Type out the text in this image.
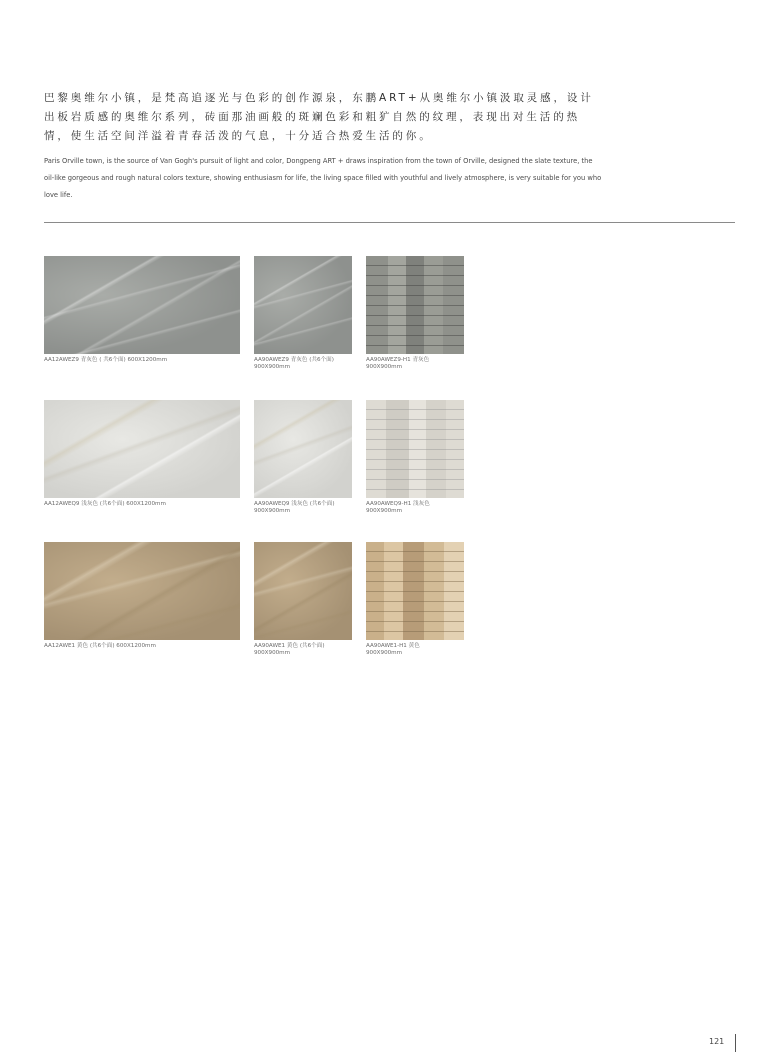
巴黎奥维尔小镇，是梵高追逐光与色彩的创作源泉，东鹏ART+从奥维尔小镇汲取灵感，设计出板岩质感的奥维尔系列，砖面那油画般的斑斓色彩和粗犷自然的纹理，表现出对生活的热情，使生活空间洋溢着青春活泼的气息，十分适合热爱生活的你。

Paris Orville town, is the source of Van Gogh's pursuit of light and color, Dongpeng ART + draws inspiration from the town of Orville, designed the slate texture, the oil-like gorgeous and rough natural colors texture, showing enthusiasm for life, the living space filled with youthful and lively atmosphere, is very suitable for you who love life.

AA12AWEZ9 青灰色 ( 共6个面) 600X1200mm	AA90AWEZ9 青灰色 (共6个面)
900X900mm
AA90AWEZ9-H1 青灰色
900X900mm
AA12AWEQ9 浅灰色 (共6个面) 600X1200mm	AA90AWEQ9 浅灰色 (共6个面)
900X900mm
AA90AWEQ9-H1 浅灰色
900X900mm
AA12AWE1 黄色 (共6个面) 600X1200mm	AA90AWE1 黄色 (共6个面)
900X900mm
AA90AWE1-H1 黄色
900X900mm
121
